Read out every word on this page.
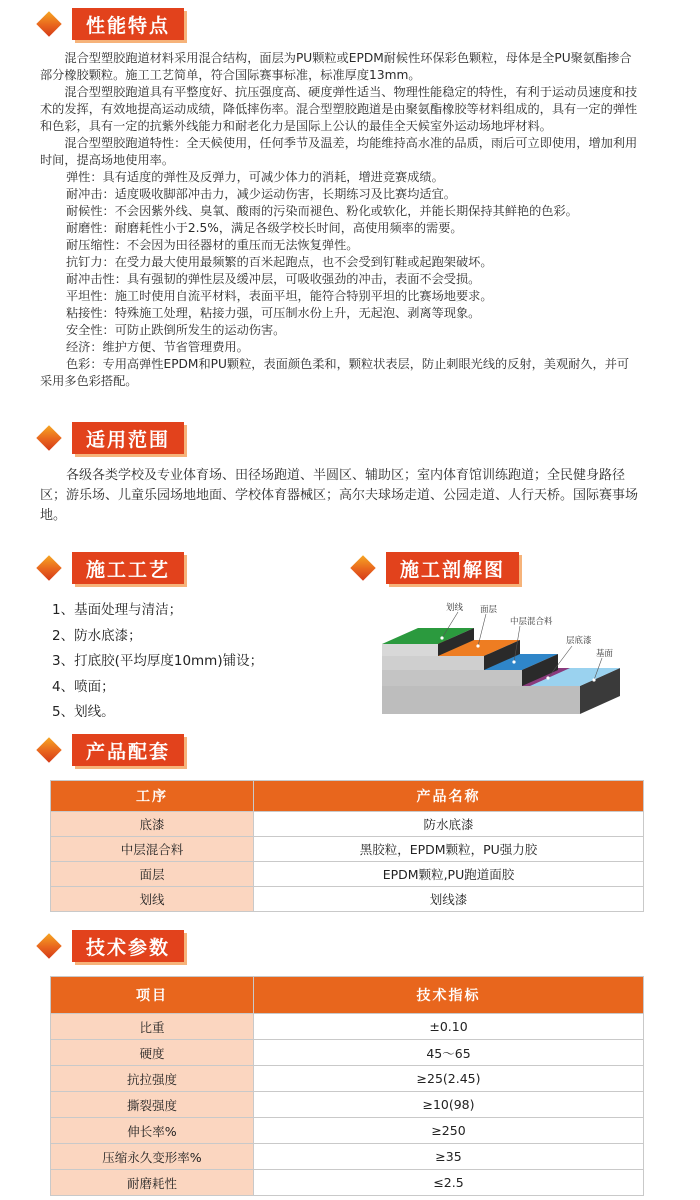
性能特点

混合型塑胶跑道材料采用混合结构，面层为PU颗粒或EPDM耐候性环保彩色颗粒，母体是全PU聚氨酯掺合部分橡胶颗粒。施工工艺简单，符合国际赛事标准，标准厚度13mm。

混合型塑胶跑道具有平整度好、抗压强度高、硬度弹性适当、物理性能稳定的特性，有利于运动员速度和技术的发挥，有效地提高运动成绩，降低摔伤率。混合型塑胶跑道是由聚氨酯橡胶等材料组成的，具有一定的弹性和色彩，具有一定的抗紫外线能力和耐老化力是国际上公认的最佳全天候室外运动场地坪材料。

混合型塑胶跑道特性：全天候使用，任何季节及温差，均能维持高水准的品质，雨后可立即使用，增加利用时间，提高场地使用率。

弹性：具有适度的弹性及反弹力，可减少体力的消耗，增进竞赛成绩。

耐冲击：适度吸收脚部冲击力，减少运动伤害，长期练习及比赛均适宜。

耐候性：不会因紫外线、臭氧、酸雨的污染而褪色、粉化或软化，并能长期保持其鲜艳的色彩。

耐磨性：耐磨耗性小于2.5%，满足各级学校长时间，高使用频率的需要。

耐压缩性：不会因为田径器材的重压而无法恢复弹性。

抗钉力：在受力最大使用最频繁的百米起跑点，也不会受到钉鞋或起跑架破坏。

耐冲击性：具有强韧的弹性层及缓冲层，可吸收强劲的冲击，表面不会受损。

平坦性：施工时使用自流平材料，表面平坦，能符合特别平坦的比赛场地要求。

粘接性：特殊施工处理，粘接力强，可压制水份上升，无起泡、剥离等现象。

安全性：可防止跌倒所发生的运动伤害。

经济：维护方便、节省管理费用。

色彩：专用高弹性EPDM和PU颗粒，表面颜色柔和，颗粒状表层，防止刺眼光线的反射，美观耐久，并可采用多色彩搭配。

适用范围

各级各类学校及专业体育场、田径场跑道、半圆区、辅助区；室内体育馆训练跑道；全民健身路径区；游乐场、儿童乐园场地地面、学校体育器械区；高尔夫球场走道、公园走道、人行天桥。国际赛事场地。

施工工艺
1、基面处理与清洁；
2、防水底漆；
3、打底胶(平均厚度10mm)铺设；
4、喷面；
5、划线。
施工剖解图
划线 面层
中层混合料
层底漆
基面
产品配套
工序	产品名称
底漆	防水底漆
中层混合料	黑胶粒，EPDM颗粒，PU强力胶
面层	EPDM颗粒,PU跑道面胶
划线	划线漆
技术参数
项目	技术指标
比重	±0.10
硬度	45～65
抗拉强度	≥25(2.45)
撕裂强度	≥10(98)
伸长率%	≥250
压缩永久变形率%	≥35
耐磨耗性	≤2.5
